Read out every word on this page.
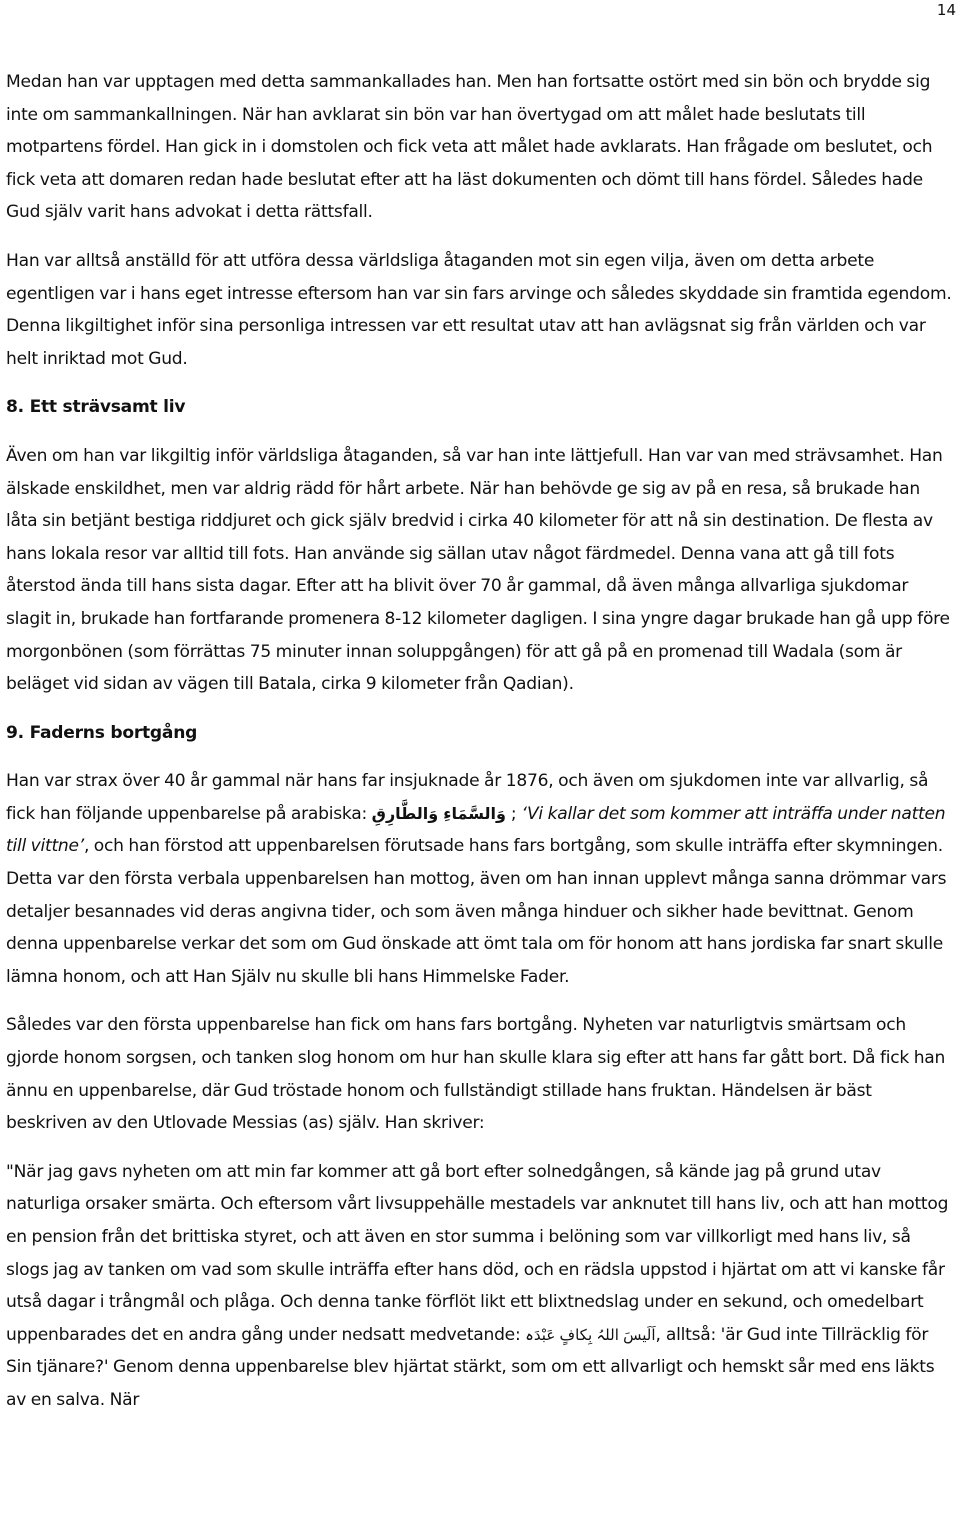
14

Medan han var upptagen med detta sammankallades han. Men han fortsatte ostört med sin bön och brydde sig inte om sammankallningen. När han avklarat sin bön var han övertygad om att målet hade beslutats till motpartens fördel. Han gick in i domstolen och fick veta att målet hade avklarats. Han frågade om beslutet, och fick veta att domaren redan hade beslutat efter att ha läst dokumenten och dömt till hans fördel. Således hade Gud själv varit hans advokat i detta rättsfall.

Han var alltså anställd för att utföra dessa världsliga åtaganden mot sin egen vilja, även om detta arbete egentligen var i hans eget intresse eftersom han var sin fars arvinge och således skyddade sin framtida egendom. Denna likgiltighet inför sina personliga intressen var ett resultat utav att han avlägsnat sig från världen och var helt inriktad mot Gud.

8. Ett strävsamt liv

Även om han var likgiltig inför världsliga åtaganden, så var han inte lättjefull. Han var van med strävsamhet. Han älskade enskildhet, men var aldrig rädd för hårt arbete. När han behövde ge sig av på en resa, så brukade han låta sin betjänt bestiga riddjuret och gick själv bredvid i cirka 40 kilometer för att nå sin destination. De flesta av hans lokala resor var alltid till fots. Han använde sig sällan utav något färdmedel. Denna vana att gå till fots återstod ända till hans sista dagar. Efter att ha blivit över 70 år gammal, då även många allvarliga sjukdomar slagit in, brukade han fortfarande promenera 8-12 kilometer dagligen. I sina yngre dagar brukade han gå upp före morgonbönen (som förrättas 75 minuter innan soluppgången) för att gå på en promenad till Wadala (som är beläget vid sidan av vägen till Batala, cirka 9 kilometer från Qadian).

9. Faderns bortgång

Han var strax över 40 år gammal när hans far insjuknade år 1876, och även om sjukdomen inte var allvarlig, så fick han följande uppenbarelse på arabiska: وَالسَّمَاءِ وَالطَّارِقِ ; ‘Vi kallar det som kommer att inträffa under natten till vittne’, och han förstod att uppenbarelsen förutsade hans fars bortgång, som skulle inträffa efter skymningen. Detta var den första verbala uppenbarelsen han mottog, även om han innan upplevt många sanna drömmar vars detaljer besannades vid deras angivna tider, och som även många hinduer och sikher hade bevittnat. Genom denna uppenbarelse verkar det som om Gud önskade att ömt tala om för honom att hans jordiska far snart skulle lämna honom, och att Han Själv nu skulle bli hans Himmelske Fader.

Således var den första uppenbarelse han fick om hans fars bortgång. Nyheten var naturligtvis smärtsam och gjorde honom sorgsen, och tanken slog honom om hur han skulle klara sig efter att hans far gått bort. Då fick han ännu en uppenbarelse, där Gud tröstade honom och fullständigt stillade hans fruktan. Händelsen är bäst beskriven av den Utlovade Messias (as) själv. Han skriver:

"När jag gavs nyheten om att min far kommer att gå bort efter solnedgången, så kände jag på grund utav naturliga orsaker smärta. Och eftersom vårt livsuppehälle mestadels var anknutet till hans liv, och att han mottog en pension från det brittiska styret, och att även en stor summa i belöning som var villkorligt med hans liv, så slogs jag av tanken om vad som skulle inträffa efter hans död, och en rädsla uppstod i hjärtat om att vi kanske får utså dagar i trångmål och plåga. Och denna tanke förflöt likt ett blixtnedslag under en sekund, och omedelbart uppenbarades det en andra gång under nedsatt medvetande: اَلَيسَ اللہُ بِکافٍ عَبْدَہ, alltså: 'är Gud inte Tillräcklig för Sin tjänare?' Genom denna uppenbarelse blev hjärtat stärkt, som om ett allvarligt och hemskt sår med ens läkts av en salva. När
